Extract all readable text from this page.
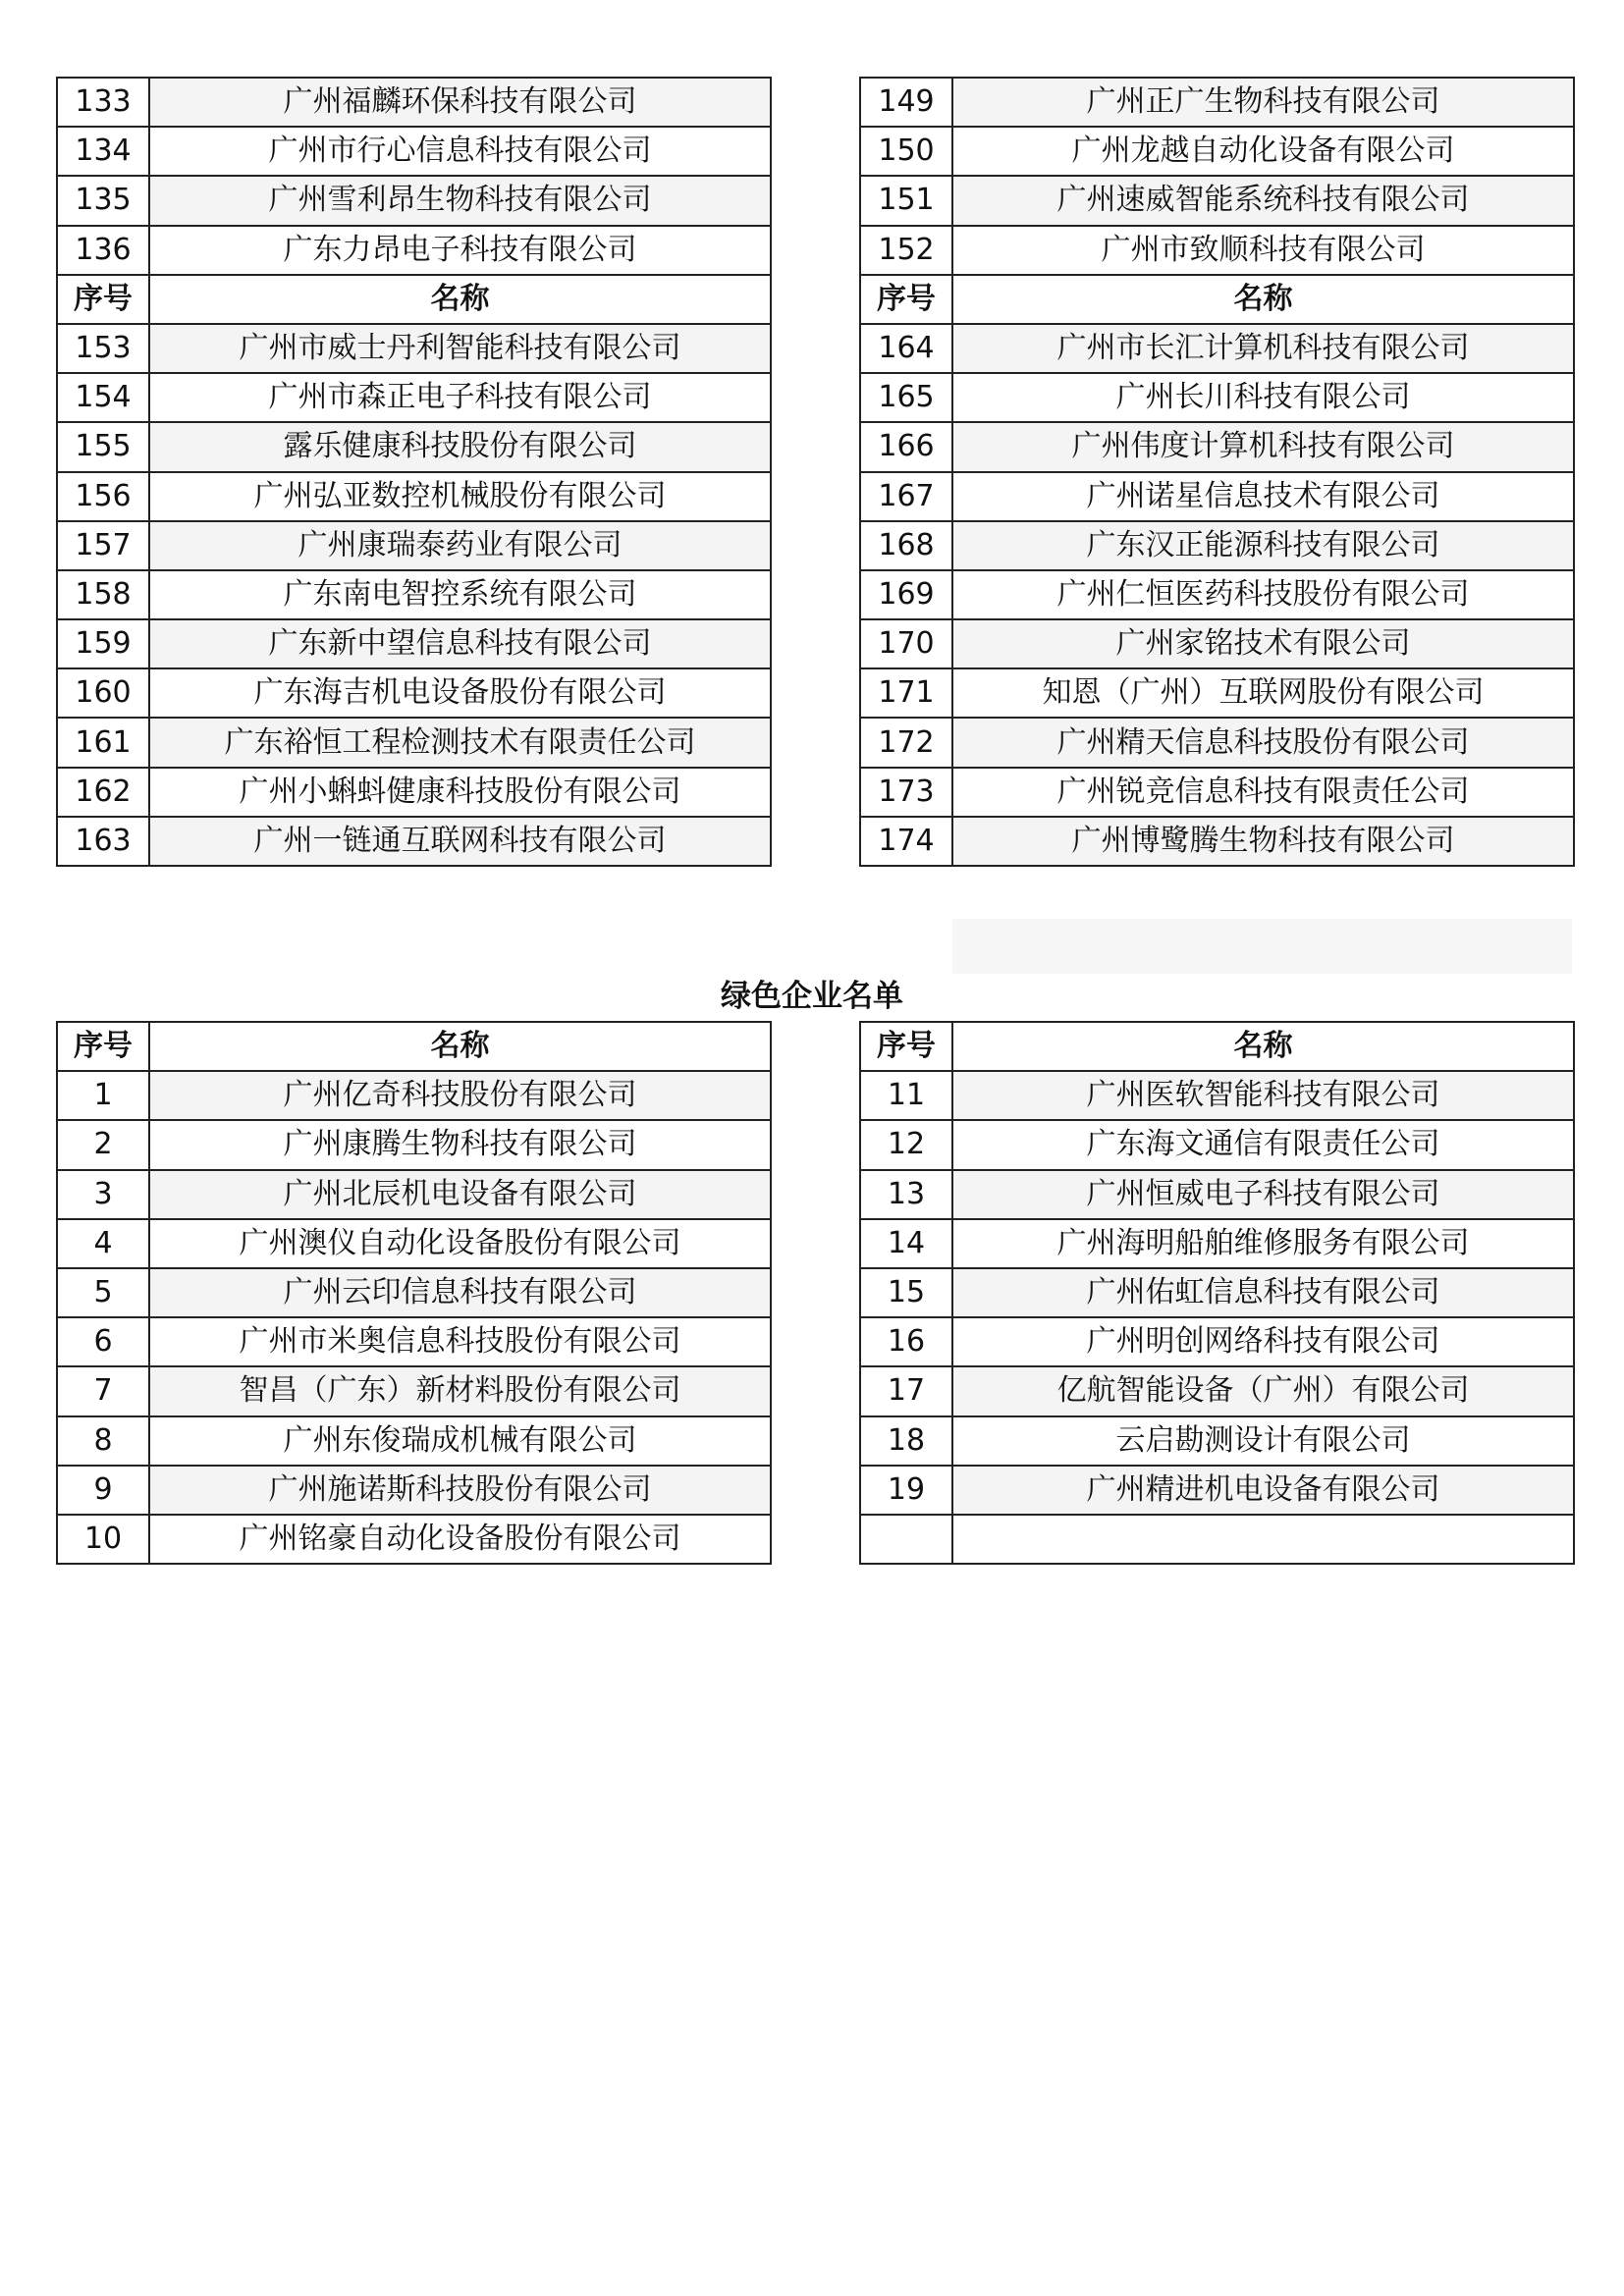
133	广州福麟环保科技有限公司
134	广州市行心信息科技有限公司
135	广州雪利昂生物科技有限公司
136	广东力昂电子科技有限公司
序号	名称
153	广州市威士丹利智能科技有限公司
154	广州市森正电子科技有限公司
155	露乐健康科技股份有限公司
156	广州弘亚数控机械股份有限公司
157	广州康瑞泰药业有限公司
158	广东南电智控系统有限公司
159	广东新中望信息科技有限公司
160	广东海吉机电设备股份有限公司
161	广东裕恒工程检测技术有限责任公司
162	广州小蝌蚪健康科技股份有限公司
163	广州一链通互联网科技有限公司
149	广州正广生物科技有限公司
150	广州龙越自动化设备有限公司
151	广州速威智能系统科技有限公司
152	广州市致顺科技有限公司
序号	名称
164	广州市长汇计算机科技有限公司
165	广州长川科技有限公司
166	广州伟度计算机科技有限公司
167	广州诺星信息技术有限公司
168	广东汉正能源科技有限公司
169	广州仁恒医药科技股份有限公司
170	广州家铭技术有限公司
171	知恩（广州）互联网股份有限公司
172	广州精天信息科技股份有限公司
173	广州锐竞信息科技有限责任公司
174	广州博鹭腾生物科技有限公司
绿色企业名单
序号	名称
1	广州亿奇科技股份有限公司
2	广州康腾生物科技有限公司
3	广州北辰机电设备有限公司
4	广州澳仪自动化设备股份有限公司
5	广州云印信息科技有限公司
6	广州市米奥信息科技股份有限公司
7	智昌（广东）新材料股份有限公司
8	广州东俊瑞成机械有限公司
9	广州施诺斯科技股份有限公司
10	广州铭豪自动化设备股份有限公司
序号	名称
11	广州医软智能科技有限公司
12	广东海文通信有限责任公司
13	广州恒威电子科技有限公司
14	广州海明船舶维修服务有限公司
15	广州佑虹信息科技有限公司
16	广州明创网络科技有限公司
17	亿航智能设备（广州）有限公司
18	云启勘测设计有限公司
19	广州精进机电设备有限公司
